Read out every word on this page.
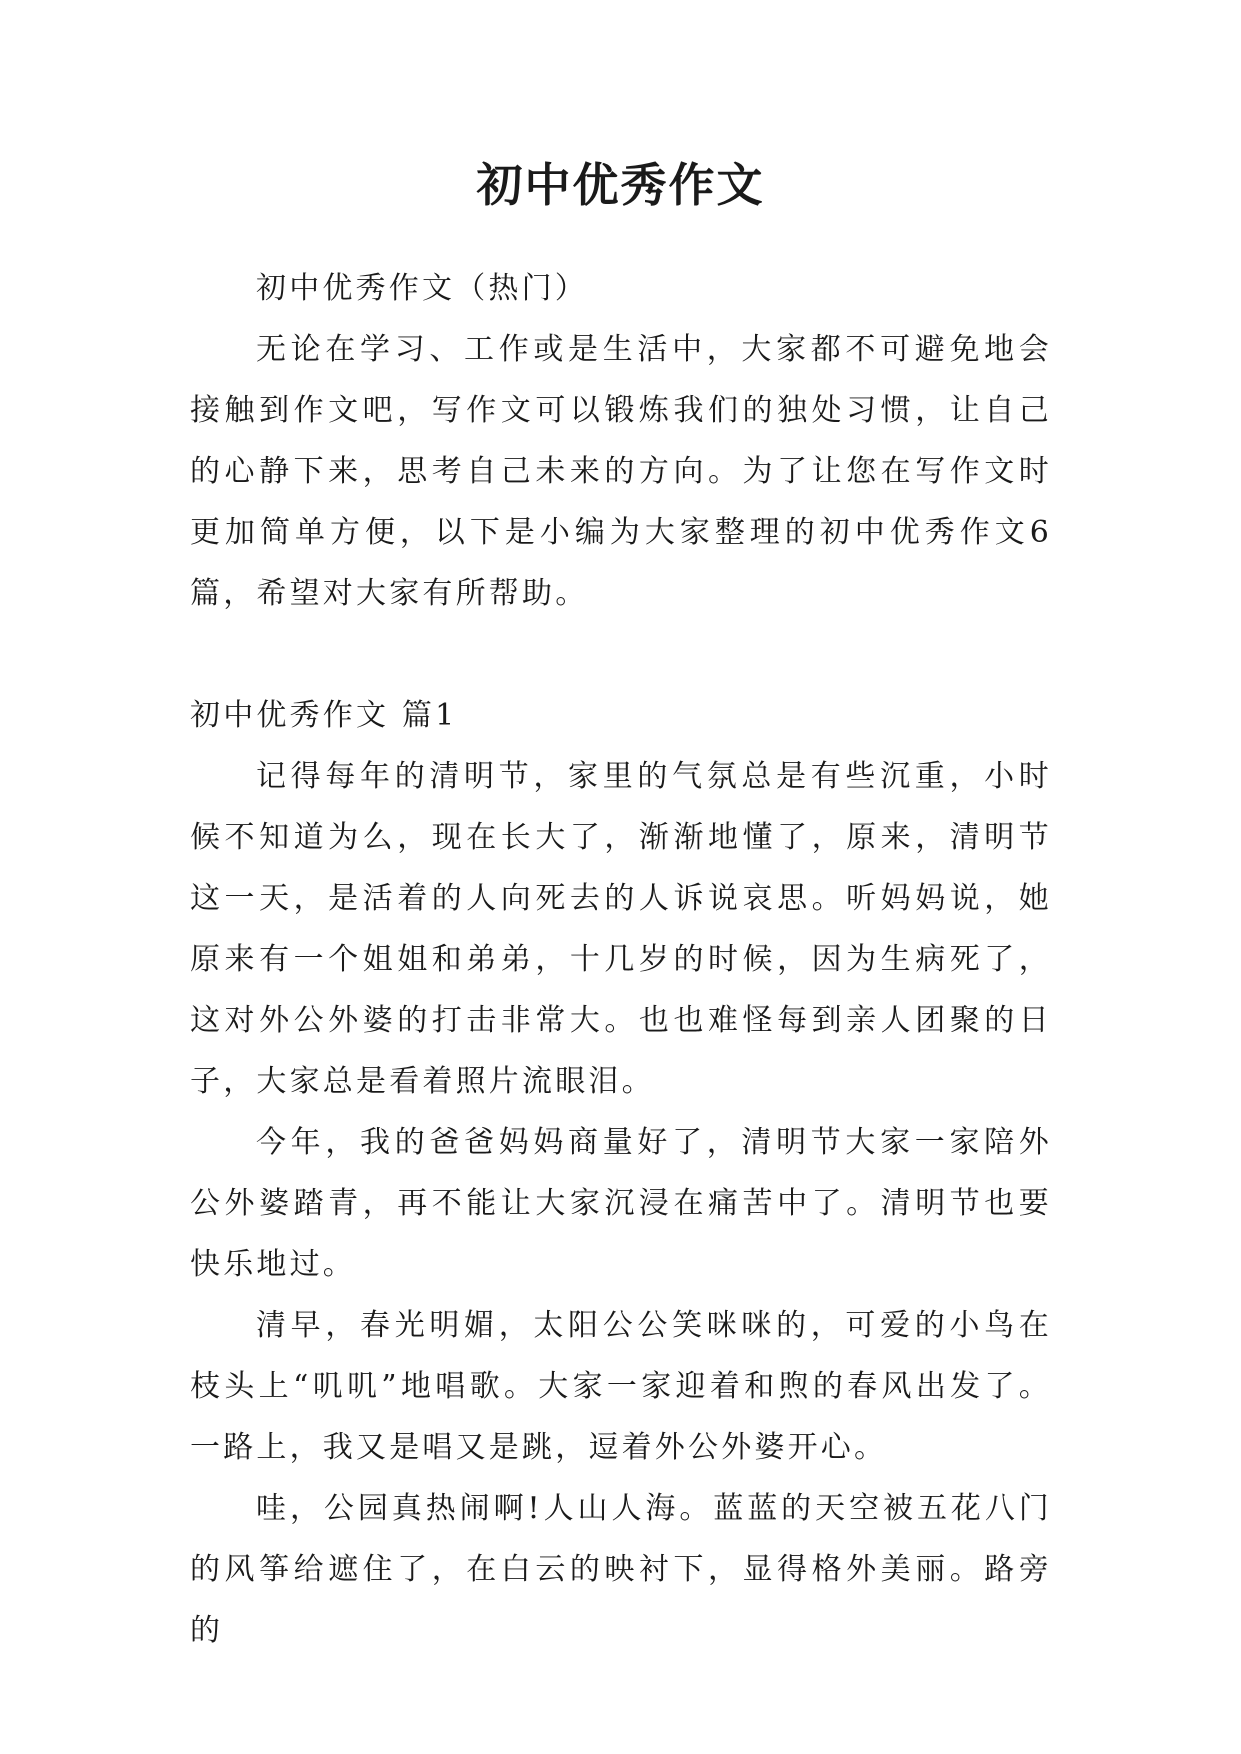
初中优秀作文

初中优秀作文（热门）

无论在学习、工作或是生活中，大家都不可避免地会接触到作文吧，写作文可以锻炼我们的独处习惯，让自己的心静下来，思考自己未来的方向。为了让您在写作文时更加简单方便，以下是小编为大家整理的初中优秀作文6篇，希望对大家有所帮助。

初中优秀作文 篇1

记得每年的清明节，家里的气氛总是有些沉重，小时候不知道为么，现在长大了，渐渐地懂了，原来，清明节这一天，是活着的人向死去的人诉说哀思。听妈妈说，她原来有一个姐姐和弟弟，十几岁的时候，因为生病死了，这对外公外婆的打击非常大。也也难怪每到亲人团聚的日子，大家总是看着照片流眼泪。

今年，我的爸爸妈妈商量好了，清明节大家一家陪外公外婆踏青，再不能让大家沉浸在痛苦中了。清明节也要快乐地过。

清早，春光明媚，太阳公公笑咪咪的，可爱的小鸟在枝头上“叽叽”地唱歌。大家一家迎着和煦的春风出发了。一路上，我又是唱又是跳，逗着外公外婆开心。

哇，公园真热闹啊!人山人海。蓝蓝的天空被五花八门的风筝给遮住了，在白云的映衬下，显得格外美丽。路旁的
